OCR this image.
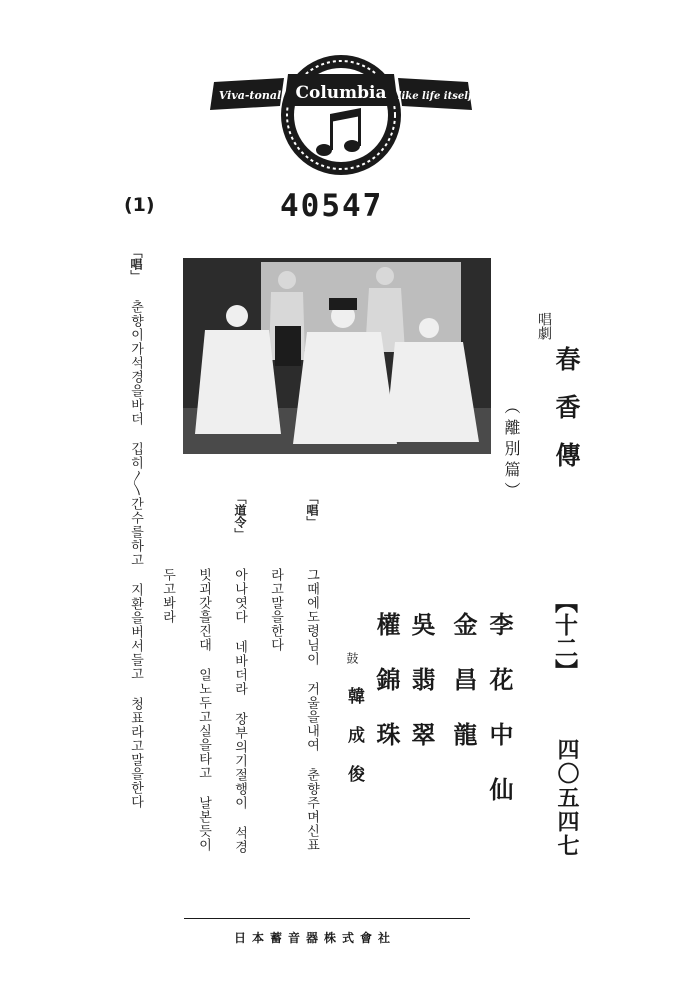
Viva-tonal Columbia like life itself
40547
(1)
唱劇
春香傳
【十二】
（離別篇）
李花中仙
金昌龍
吳翡翠
權錦珠
鼓
韓成俊	四〇五四七
「唱」
그때에도령님이 거울을내여 춘향주며신표
라고말을한다
「道令」
아나엿다 네바더라 장부의기절행이 석경
빗괴갓흘진대 일노두고실을타고 날본듯이
「唱」
춘향이가석경을바더 깁히〳〵간수를하고 지환을버서들고 청표라고말을한다 두고봐라
日本蓄音器株式會社
